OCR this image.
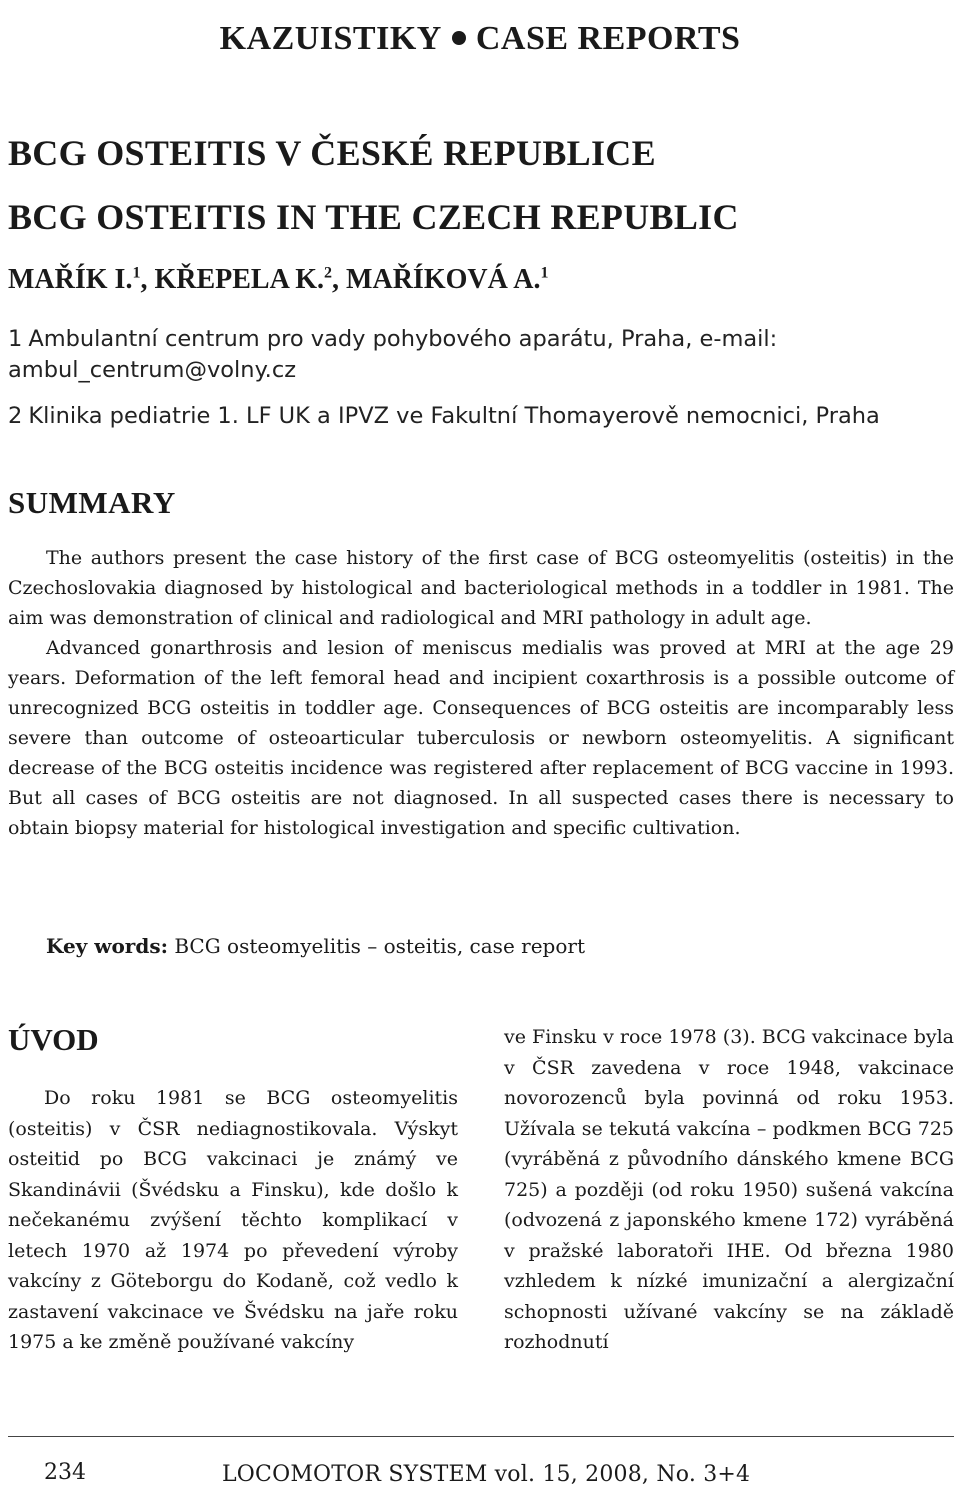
KAZUISTIKY CASE REPORTS
BCG OSTEITIS V ČESKÉ REPUBLICE
BCG OSTEITIS IN THE CZECH REPUBLIC
MAŘÍK I.$^1$, KŘEPELA K.$^2$, MAŘÍKOVÁ A.$^1$
1 Ambulantní centrum pro vady pohybového aparátu, Praha, e-mail: ambul_centrum@volny.cz
2 Klinika pediatrie 1. LF UK a IPVZ ve Fakultní Thomayerově nemocnici, Praha
SUMMARY

The authors present the case history of the first case of BCG osteomyelitis (osteitis) in the Czechoslovakia diagnosed by histological and bacteriological methods in a toddler in 1981. The aim was demonstration of clinical and radiological and MRI pathology in adult age.

Advanced gonarthrosis and lesion of meniscus medialis was proved at MRI at the age 29 years. Deformation of the left femoral head and incipient coxarthrosis is a possible outcome of unrecognized BCG osteitis in toddler age. Consequences of BCG osteitis are incomparably less severe than outcome of osteoarticular tuberculosis or newborn osteomyelitis. A significant decrease of the BCG osteitis incidence was registered after replacement of BCG vaccine in 1993. But all cases of BCG osteitis are not diagnosed. In all suspected cases there is necessary to obtain biopsy material for histological investigation and specific cultivation.

Key words: BCG osteomyelitis – osteitis, case report
ÚVOD

Do roku 1981 se BCG osteomyelitis (osteitis) v ČSR nediagnostikovala. Výskyt osteitid po BCG vakcinaci je známý ve Skandinávii (Švédsku a Finsku), kde došlo k nečekanému zvýšení těchto komplikací v letech 1970 až 1974 po převedení výroby vakcíny z Göteborgu do Kodaně, což vedlo k zastavení vakcinace ve Švédsku na jaře roku 1975 a ke změně používané vakcíny

ve Finsku v roce 1978 (3). BCG vakcinace byla v ČSR zavedena v roce 1948, vakcinace novorozenců byla povinná od roku 1953. Užívala se tekutá vakcína – podkmen BCG 725 (vyráběná z původního dánského kmene BCG 725) a později (od roku 1950) sušená vakcína (odvozená z japonského kmene 172) vyráběná v pražské laboratoři IHE. Od března 1980 vzhledem k nízké imunizační a alergizační schopnosti užívané vakcíny se na základě rozhodnutí

234	LOCOMOTOR SYSTEM vol. 15, 2008, No. 3+4
